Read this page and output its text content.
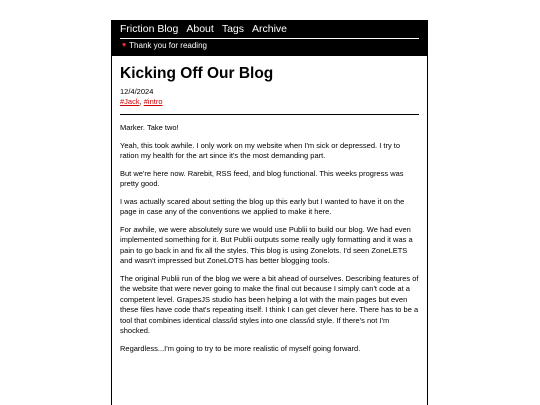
Friction Blog About Tags Archive
♥ Thank you for reading
Kicking Off Our Blog
12/4/2024
#Jack, #intro

Marker. Take two!

Yeah, this took awhile. I only work on my website when I'm sick or depressed. I try to ration my health for the art since it's the most demanding part.

But we're here now. Rarebit, RSS feed, and blog functional. This weeks progress was pretty good.

I was actually scared about setting the blog up this early but I wanted to have it on the page in case any of the conventions we applied to make it here.

For awhile, we were absolutely sure we would use Publii to build our blog. We had even implemented something for it. But Publii outputs some really ugly formatting and it was a pain to go back in and fix all the styles. This blog is using Zonelots. I'd seen ZoneLETS and wasn't impressed but ZoneLOTS has better blogging tools.

The original Publii run of the blog we were a bit ahead of ourselves. Describing features of the website that were never going to make the final cut because I simply can't code at a competent level. GrapesJS studio has been helping a lot with the main pages but even these files have code that's repeating itself. I think I can get clever here. There has to be a tool that combines identical class/id styles into one class/id style. If there's not I'm shocked.

Regardless...I'm going to try to be more realistic of myself going forward.
